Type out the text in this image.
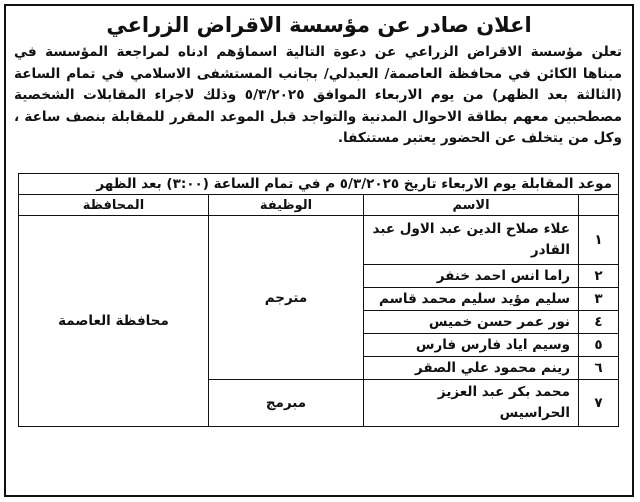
اعلان صادر عن مؤسسة الاقراض الزراعي
تعلن مؤسسة الاقراض الزراعي عن دعوة التالية اسماؤهم ادناه لمراجعة المؤسسة في مبناها الكائن في محافظة العاصمة/ العبدلي/ بجانب المستشفى الاسلامي في تمام الساعة (الثالثة بعد الظهر) من يوم الاربعاء الموافق ٥/٣/٢٠٢٥ وذلك لاجراء المقابلات الشخصية مصطحبين معهم بطاقة الاحوال المدنية والتواجد قبل الموعد المقرر للمقابلة بنصف ساعة ، وكل من يتخلف عن الحضور يعتبر مستنكفا.
موعد المقابلة يوم الاربعاء تاريخ ٥/٣/٢٠٢٥ م في تمام الساعة (٣:٠٠) بعد الظهر			
	الاسم	الوظيفة	المحافظة
١	علاء صلاح الدين عبد الاول عبد القادر	مترجم	محافظة العاصمة
٢	راما انس احمد خنفر		
٣	سليم مؤيد سليم محمد قاسم		
٤	نور عمر حسن خميس		
٥	وسيم اياد فارس فارس		
٦	رينم محمود علي الصقر		
٧	محمد بكر عبد العزيز الحراسيس	مبرمج	
